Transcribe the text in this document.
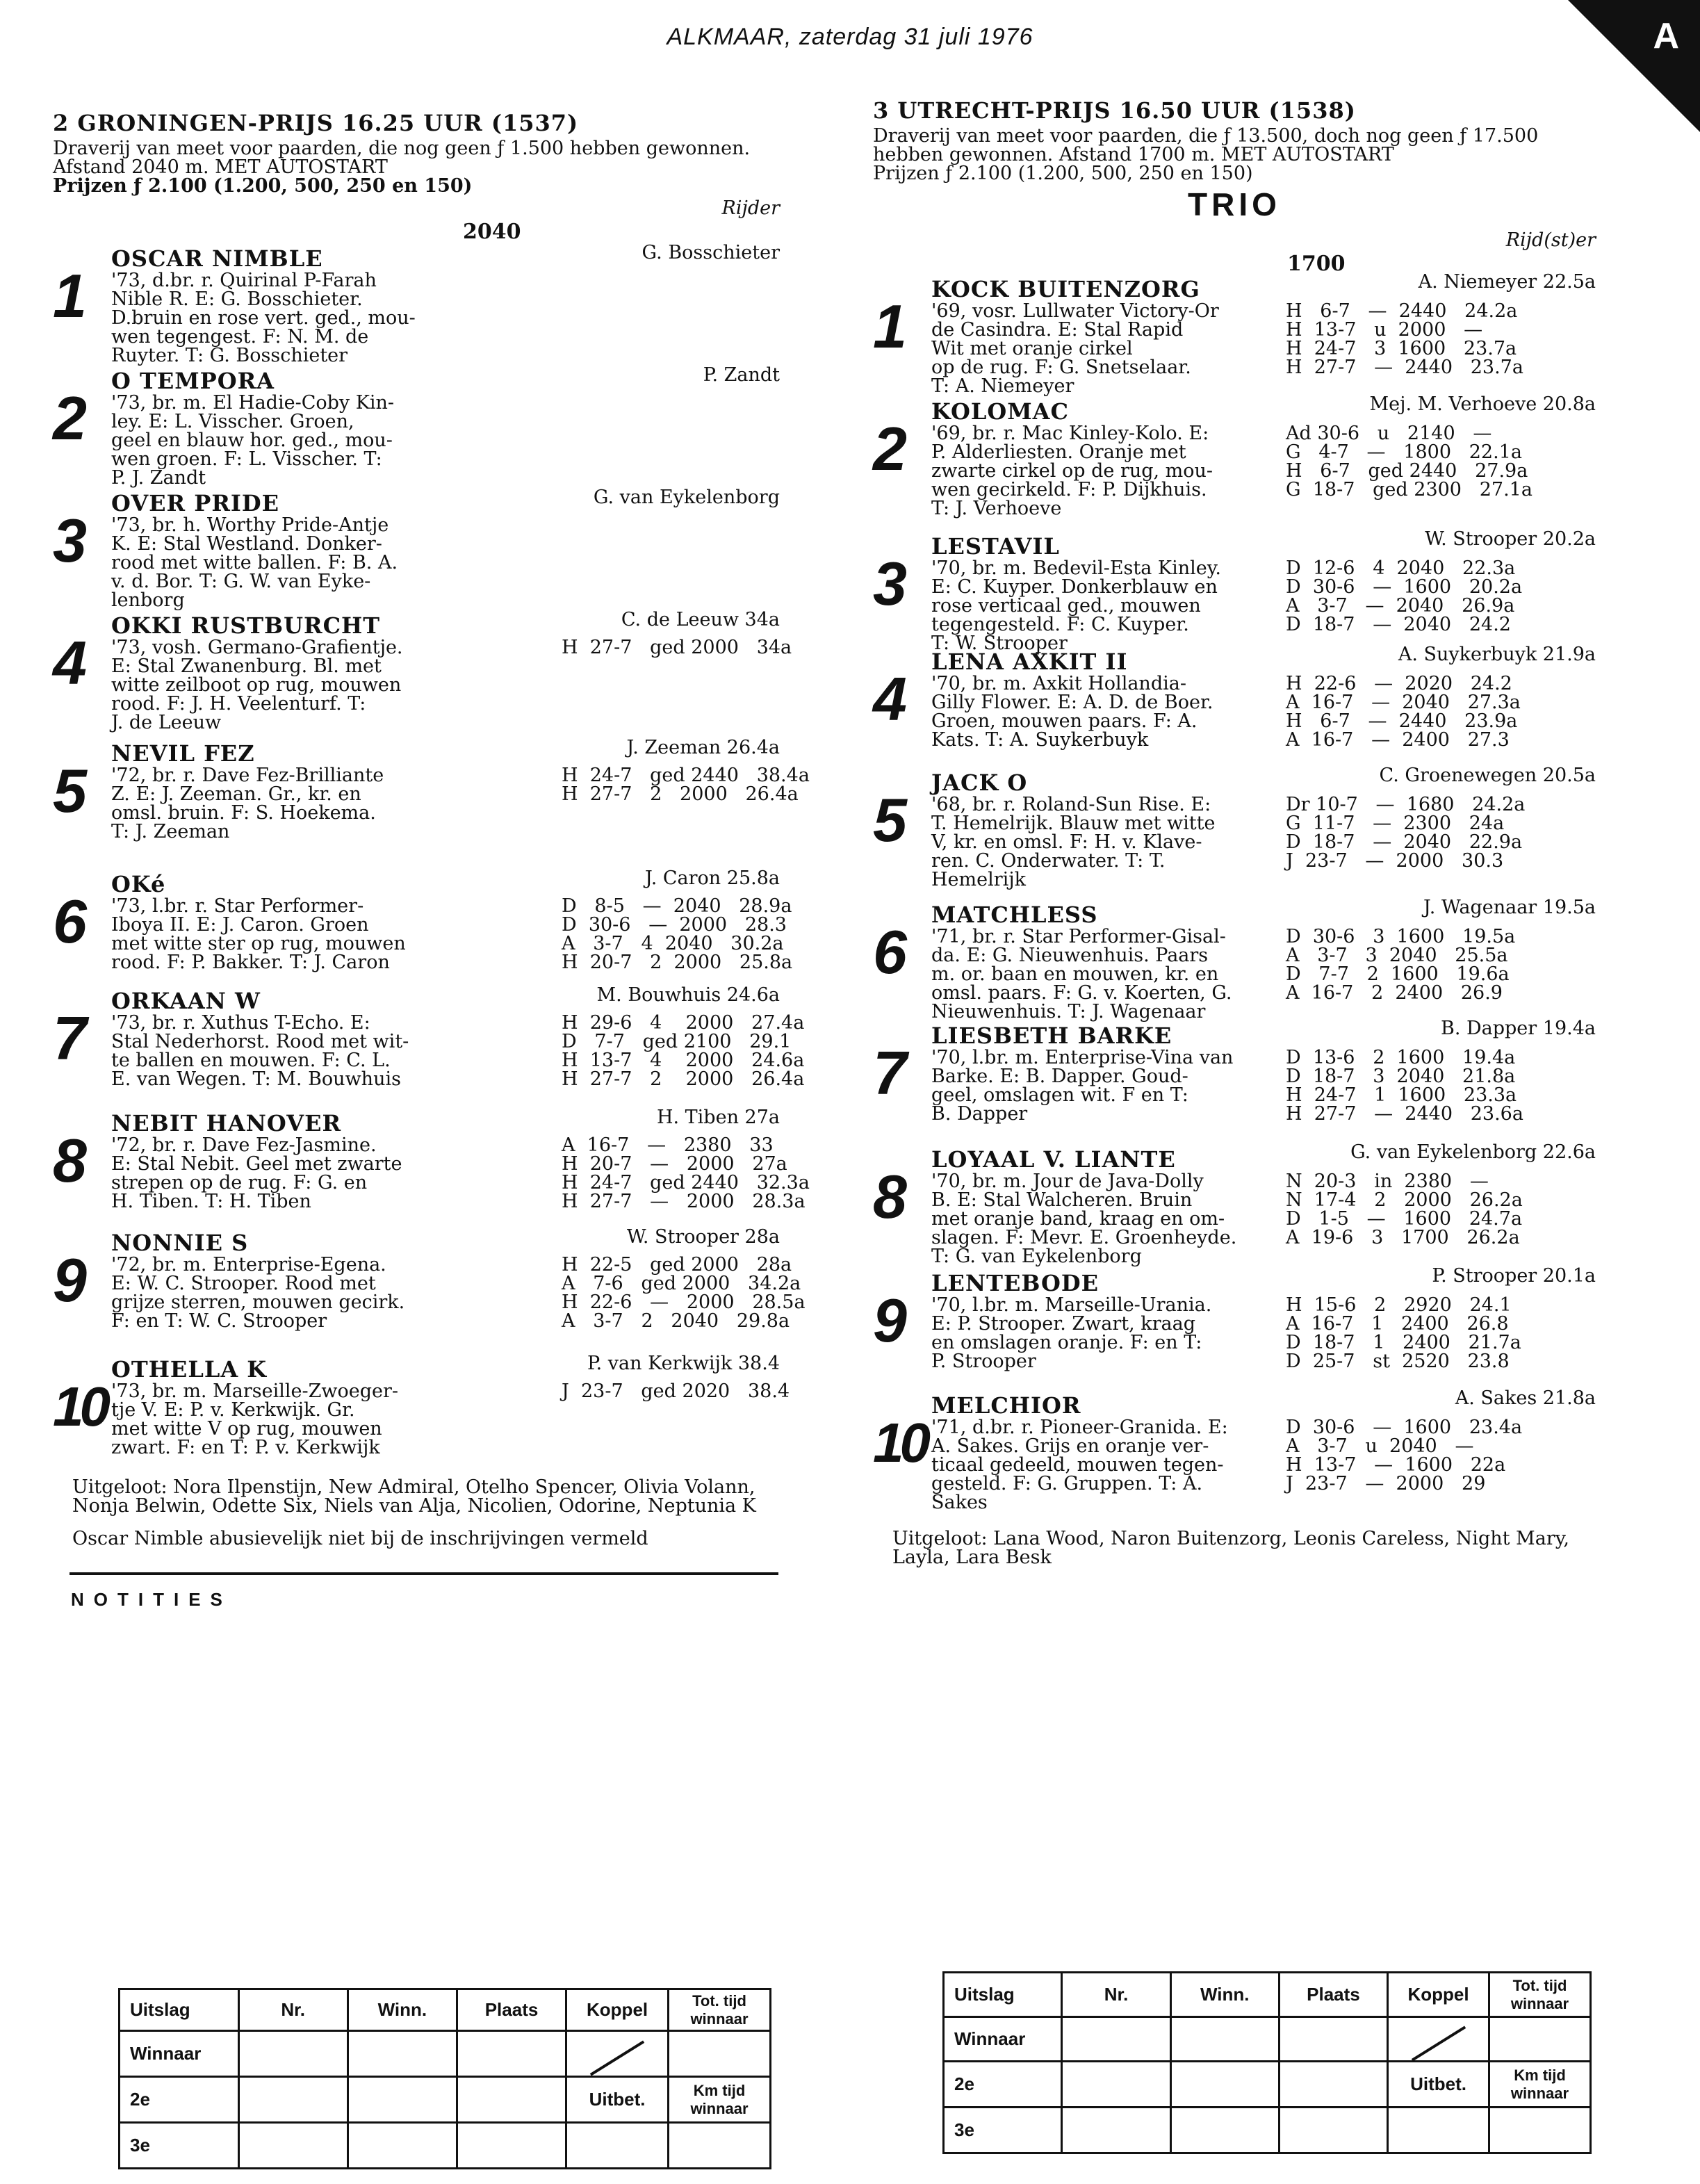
ALKMAAR, zaterdag 31 juli 1976	A
2 GRONINGEN-PRIJS 16.25 UUR (1537)
Draverij van meet voor paarden, die nog geen ƒ 1.500 hebben gewonnen. Afstand 2040 m. MET AUTOSTART
Prijzen ƒ 2.100 (1.200, 500, 250 en 150)
Rijder
2040
1
OSCAR NIMBLE	G. Bosschieter
'73, d.br. r. Quirinal P-Farah
Nible R. E: G. Bosschieter.
D.bruin en rose vert. ged., mou-
wen tegengest. F: N. M. de
Ruyter. T: G. Bosschieter
2
O TEMPORA	P. Zandt
'73, br. m. El Hadie-Coby Kin-
ley. E: L. Visscher. Groen,
geel en blauw hor. ged., mou-
wen groen. F: L. Visscher. T:
P. J. Zandt
3
OVER PRIDE	G. van Eykelenborg
'73, br. h. Worthy Pride-Antje
K. E: Stal Westland. Donker-
rood met witte ballen. F: B. A.
v. d. Bor. T: G. W. van Eyke-
lenborg
4
OKKI RUSTBURCHT	C. de Leeuw 34a
'73, vosh. Germano-Grafientje.
E: Stal Zwanenburg. Bl. met
witte zeilboot op rug, mouwen
rood. F: J. H. Veelenturf. T:
J. de Leeuw
H  27-7   ged 2000   34a
5
NEVIL FEZ	J. Zeeman 26.4a
'72, br. r. Dave Fez-Brilliante
Z. E: J. Zeeman. Gr., kr. en
omsl. bruin. F: S. Hoekema.
T: J. Zeeman
H  24-7   ged 2440   38.4a
H  27-7   2   2000   26.4a
6
OKé	J. Caron 25.8a
'73, l.br. r. Star Performer-
Iboya II. E: J. Caron. Groen
met witte ster op rug, mouwen
rood. F: P. Bakker. T: J. Caron
D   8-5   —  2040   28.9a
D  30-6   —  2000   28.3
A   3-7   4  2040   30.2a
H  20-7   2  2000   25.8a
7
ORKAAN W	M. Bouwhuis 24.6a
'73, br. r. Xuthus T-Echo. E:
Stal Nederhorst. Rood met wit-
te ballen en mouwen. F: C. L.
E. van Wegen. T: M. Bouwhuis
H  29-6   4    2000   27.4a
D   7-7   ged 2100   29.1
H  13-7   4    2000   24.6a
H  27-7   2    2000   26.4a
8
NEBIT HANOVER	H. Tiben 27a
'72, br. r. Dave Fez-Jasmine.
E: Stal Nebit. Geel met zwarte
strepen op de rug. F: G. en
H. Tiben. T: H. Tiben
A  16-7   —   2380   33
H  20-7   —   2000   27a
H  24-7   ged 2440   32.3a
H  27-7   —   2000   28.3a
9
NONNIE S	W. Strooper 28a
'72, br. m. Enterprise-Egena.
E: W. C. Strooper. Rood met
grijze sterren, mouwen gecirk.
F: en T: W. C. Strooper
H  22-5   ged 2000   28a
A   7-6   ged 2000   34.2a
H  22-6   —   2000   28.5a
A   3-7   2   2040   29.8a
10
OTHELLA K	P. van Kerkwijk 38.4
'73, br. m. Marseille-Zwoeger-
tje V. E: P. v. Kerkwijk. Gr.
met witte V op rug, mouwen
zwart. F: en T: P. v. Kerkwijk
J  23-7   ged 2020   38.4
3 UTRECHT-PRIJS 16.50 UUR (1538)
Draverij van meet voor paarden, die ƒ 13.500, doch nog geen ƒ 17.500 hebben gewonnen. Afstand 1700 m. MET AUTOSTART
Prijzen ƒ 2.100 (1.200, 500, 250 en 150)
TRIO
Rijd(st)er
1700
1
KOCK BUITENZORG	A. Niemeyer 22.5a
'69, vosr. Lullwater Victory-Or
de Casindra. E: Stal Rapid
Wit met oranje cirkel
op de rug. F: G. Snetselaar.
T: A. Niemeyer
H   6-7   —  2440   24.2a
H  13-7   u  2000   —
H  24-7   3  1600   23.7a
H  27-7   —  2440   23.7a
2
KOLOMAC	Mej. M. Verhoeve 20.8a
'69, br. r. Mac Kinley-Kolo. E:
P. Alderliesten. Oranje met
zwarte cirkel op de rug, mou-
wen gecirkeld. F: P. Dijkhuis.
T: J. Verhoeve
Ad 30-6   u   2140   —
G   4-7   —   1800   22.1a
H   6-7   ged 2440   27.9a
G  18-7   ged 2300   27.1a
3
LESTAVIL	W. Strooper 20.2a
'70, br. m. Bedevil-Esta Kinley.
E: C. Kuyper. Donkerblauw en
rose verticaal ged., mouwen
tegengesteld. F: C. Kuyper.
T: W. Strooper
D  12-6   4  2040   22.3a
D  30-6   —  1600   20.2a
A   3-7   —  2040   26.9a
D  18-7   —  2040   24.2
4
LENA AXKIT II	A. Suykerbuyk 21.9a
'70, br. m. Axkit Hollandia-
Gilly Flower. E: A. D. de Boer.
Groen, mouwen paars. F: A.
Kats. T: A. Suykerbuyk
H  22-6   —  2020   24.2
A  16-7   —  2040   27.3a
H   6-7   —  2440   23.9a
A  16-7   —  2400   27.3
5
JACK O	C. Groenewegen 20.5a
'68, br. r. Roland-Sun Rise. E:
T. Hemelrijk. Blauw met witte
V, kr. en omsl. F: H. v. Klave-
ren. C. Onderwater. T: T.
Hemelrijk
Dr 10-7   —  1680   24.2a
G  11-7   —  2300   24a
D  18-7   —  2040   22.9a
J  23-7   —  2000   30.3
6
MATCHLESS	J. Wagenaar 19.5a
'71, br. r. Star Performer-Gisal-
da. E: G. Nieuwenhuis. Paars
m. or. baan en mouwen, kr. en
omsl. paars. F: G. v. Koerten, G.
Nieuwenhuis. T: J. Wagenaar
D  30-6   3  1600   19.5a
A   3-7   3  2040   25.5a
D   7-7   2  1600   19.6a
A  16-7   2  2400   26.9
7
LIESBETH BARKE	B. Dapper 19.4a
'70, l.br. m. Enterprise-Vina van
Barke. E: B. Dapper. Goud-
geel, omslagen wit. F en T:
B. Dapper
D  13-6   2  1600   19.4a
D  18-7   3  2040   21.8a
H  24-7   1  1600   23.3a
H  27-7   —  2440   23.6a
8
LOYAAL V. LIANTE	G. van Eykelenborg 22.6a
'70, br. m. Jour de Java-Dolly
B. E: Stal Walcheren. Bruin
met oranje band, kraag en om-
slagen. F: Mevr. E. Groenheyde.
T: G. van Eykelenborg
N  20-3   in  2380   —
N  17-4   2   2000   26.2a
D   1-5   —   1600   24.7a
A  19-6   3   1700   26.2a
9
LENTEBODE	P. Strooper 20.1a
'70, l.br. m. Marseille-Urania.
E: P. Strooper. Zwart, kraag
en omslagen oranje. F: en T:
P. Strooper
H  15-6   2   2920   24.1
A  16-7   1   2400   26.8
D  18-7   1   2400   21.7a
D  25-7   st  2520   23.8
10
MELCHIOR	A. Sakes 21.8a
'71, d.br. r. Pioneer-Granida. E:
A. Sakes. Grijs en oranje ver-
ticaal gedeeld, mouwen tegen-
gesteld. F: G. Gruppen. T: A.
Sakes
D  30-6   —  1600   23.4a
A   3-7   u  2040   —
H  13-7   —  1600   22a
J  23-7   —  2000   29
Uitgeloot: Nora Ilpenstijn, New Admiral, Otelho Spencer, Olivia Volann, Nonja Belwin, Odette Six, Niels van Alja, Nicolien, Odorine, Neptunia K
Oscar Nimble abusievelijk niet bij de inschrijvingen vermeld
NOTITIES
Uitgeloot: Lana Wood, Naron Buitenzorg, Leonis Careless, Night Mary, Layla, Lara Besk
Uitslag	Nr.	Winn.	Plaats	Koppel	Tot. tijd winnaar
Winnaar					
2e				Uitbet.	Km tijd winnaar
3e					
Uitslag	Nr.	Winn.	Plaats	Koppel	Tot. tijd winnaar
Winnaar					
2e				Uitbet.	Km tijd winnaar
3e					
